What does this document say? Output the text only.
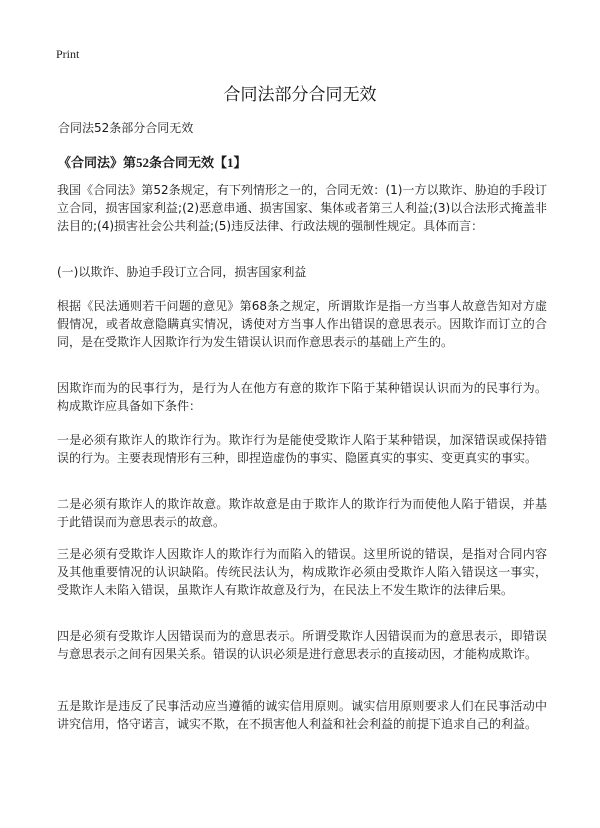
Print
合同法部分合同无效

合同法52条部分合同无效

《合同法》第52条合同无效【1】

我国《合同法》第52条规定，有下列情形之一的，合同无效：(1)一方以欺诈、胁迫的手段订立合同，损害国家利益;(2)恶意串通、损害国家、集体或者第三人利益;(3)以合法形式掩盖非法目的;(4)损害社会公共利益;(5)违反法律、行政法规的强制性规定。具体而言：

(一)以欺诈、胁迫手段订立合同，损害国家利益

根据《民法通则若干问题的意见》第68条之规定，所谓欺诈是指一方当事人故意告知对方虚假情况，或者故意隐瞒真实情况，诱使对方当事人作出错误的意思表示。因欺诈而订立的合同，是在受欺诈人因欺诈行为发生错误认识而作意思表示的基础上产生的。

因欺诈而为的民事行为，是行为人在他方有意的欺诈下陷于某种错误认识而为的民事行为。构成欺诈应具备如下条件：

一是必须有欺诈人的欺诈行为。欺诈行为是能使受欺诈人陷于某种错误，加深错误或保持错误的行为。主要表现情形有三种，即捏造虚伪的事实、隐匿真实的事实、变更真实的事实。

二是必须有欺诈人的欺诈故意。欺诈故意是由于欺诈人的欺诈行为而使他人陷于错误，并基于此错误而为意思表示的故意。

三是必须有受欺诈人因欺诈人的欺诈行为而陷入的错误。这里所说的错误，是指对合同内容及其他重要情况的认识缺陷。传统民法认为，构成欺诈必须由受欺诈人陷入错误这一事实，受欺诈人未陷入错误，虽欺诈人有欺诈故意及行为，在民法上不发生欺诈的法律后果。

四是必须有受欺诈人因错误而为的意思表示。所谓受欺诈人因错误而为的意思表示，即错误与意思表示之间有因果关系。错误的认识必须是进行意思表示的直接动因，才能构成欺诈。

五是欺诈是违反了民事活动应当遵循的诚实信用原则。诚实信用原则要求人们在民事活动中讲究信用，恪守诺言，诚实不欺，在不损害他人利益和社会利益的前提下追求自己的利益。
